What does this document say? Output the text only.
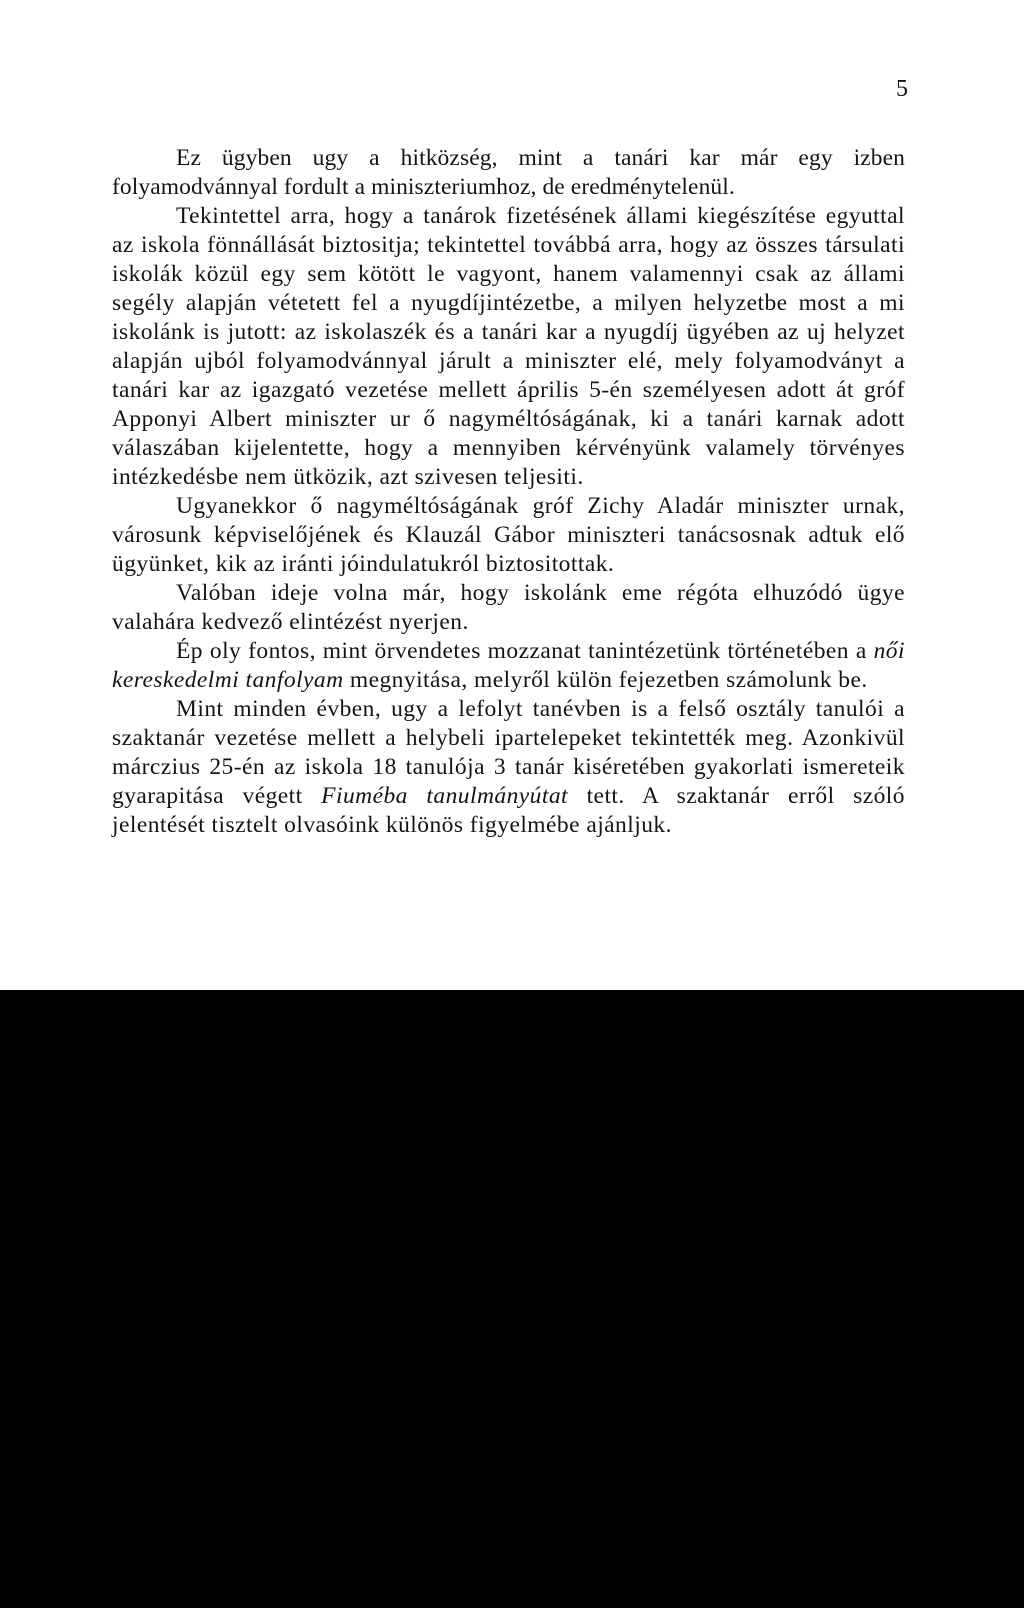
5

Ez ügyben ugy a hitközség, mint a tanári kar már egy izben folyamodvánnyal fordult a miniszteriumhoz, de eredménytelenül.

Tekintettel arra, hogy a tanárok fizetésének állami kiegészítése egyuttal az iskola fönnállását biztositja; tekintettel továbbá arra, hogy az összes társulati iskolák közül egy sem kötött le vagyont, hanem valamennyi csak az állami segély alapján vétetett fel a nyugdíjintézetbe, a milyen helyzetbe most a mi iskolánk is jutott: az iskolaszék és a tanári kar a nyugdíj ügyében az uj helyzet alapján ujból folyamodvánnyal járult a miniszter elé, mely folyamodványt a tanári kar az igazgató vezetése mellett április 5-én személyesen adott át gróf Apponyi Albert miniszter ur ő nagyméltóságának, ki a tanári karnak adott válaszában kijelentette, hogy a mennyiben kérvényünk valamely törvényes intézkedésbe nem ütközik, azt szivesen teljesiti.

Ugyanekkor ő nagyméltóságának gróf Zichy Aladár miniszter urnak, városunk képviselőjének és Klauzál Gábor miniszteri tanácsosnak adtuk elő ügyünket, kik az iránti jóindulatukról biztositottak.

Valóban ideje volna már, hogy iskolánk eme régóta elhuzódó ügye valahára kedvező elintézést nyerjen.

Ép oly fontos, mint örvendetes mozzanat tanintézetünk történetében a női kereskedelmi tanfolyam megnyitása, melyről külön fejezetben számolunk be.

Mint minden évben, ugy a lefolyt tanévben is a felső osztály tanulói a szaktanár vezetése mellett a helybeli ipartelepeket tekintették meg. Azonkivül márczius 25-én az iskola 18 tanulója 3 tanár kiséretében gyakorlati ismereteik gyarapitása végett Fiuméba tanulmányútat tett. A szaktanár erről szóló jelentését tisztelt olvasóink különös figyelmébe ajánljuk.
